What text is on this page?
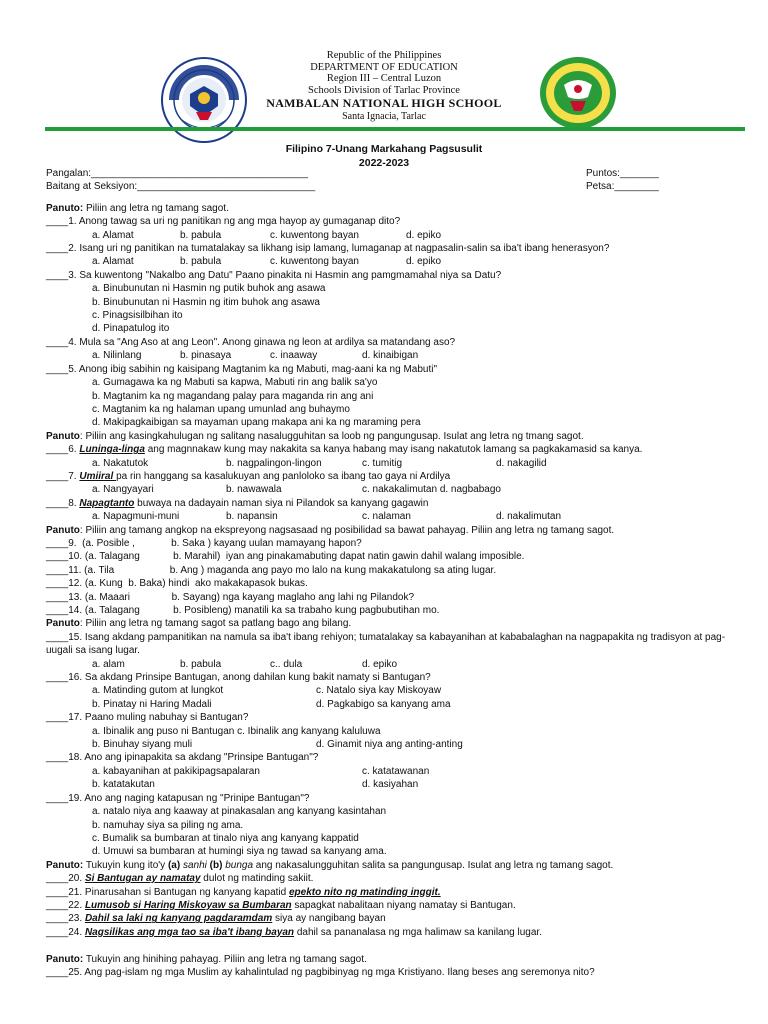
Republic of the Philippines
DEPARTMENT OF EDUCATION
Region III – Central Luzon
Schools Division of Tarlac Province
NAMBALAN NATIONAL HIGH SCHOOL
Santa Ignacia, Tarlac
Filipino 7-Unang Markahang Pagsusulit
2022-2023
Pangalan:_______________________________________	Puntos:_______
Baitang at Seksiyon:________________________________	Petsa:________
Panuto: Piliin ang letra ng tamang sagot.
____1. Anong tawag sa uri ng panitikan ng ang mga hayop ay gumaganap dito?
a. Alamat	b. pabula	c. kuwentong bayan	d. epiko
____2. Isang uri ng panitikan na tumatalakay sa likhang isip lamang, lumaganap at nagpasalin-salin sa iba't ibang henerasyon?
a. Alamat	b. pabula	c. kuwentong bayan	d. epiko
____3. Sa kuwentong "Nakalbo ang Datu" Paano pinakita ni Hasmin ang pamgmamahal niya sa Datu?
a. Binubunutan ni Hasmin ng putik buhok ang asawa
b. Binubunutan ni Hasmin ng itim buhok ang asawa
c. Pinagsisilbihan ito
d. Pinapatulog ito
____4. Mula sa "Ang Aso at ang Leon". Anong ginawa ng leon at ardilya sa matandang aso?
a. Nilinlang	b. pinasaya	c. inaaway	d. kinaibigan
____5. Anong ibig sabihin ng kaisipang Magtanim ka ng Mabuti, mag-aani ka ng Mabuti"
a. Gumagawa ka ng Mabuti sa kapwa, Mabuti rin ang balik sa'yo
b. Magtanim ka ng magandang palay para maganda rin ang ani
c. Magtanim ka ng halaman upang umunlad ang buhaymo
d. Makipagkaibigan sa mayaman upang makapa ani ka ng maraming pera
Panuto: Piliin ang kasingkahulugan ng salitang nasalugguhitan sa loob ng pangungusap. Isulat ang letra ng tmang sagot.
____6. Luninga-linga ang magnnakaw kung may nakakita sa kanya habang may isang nakatutok lamang sa pagkakamasid sa kanya.
a. Nakatutok	b. nagpalingon-lingon	c. tumitig	d. nakagilid
____7. Umiiral pa rin hanggang sa kasalukuyan ang panloloko sa ibang tao gaya ni Ardilya
a. Nangyayari	b. nawawala	c. nakakalimutan d. nagbabago
____8. Napagtanto buwaya na dadayain naman siya ni Pilandok sa kanyang gagawin
a. Napagmuni-muni	b. napansin	c. nalaman	d. nakalimutan
Panuto: Piliin ang tamang angkop na ekspreyong nagsasaad ng posibilidad sa bawat pahayag. Piliin ang letra ng tamang sagot.
____9.  (a. Posible ,             b. Saka ) kayang uulan mamayang hapon?
____10. (a. Talagang            b. Marahil)  iyan ang pinakamabuting dapat natin gawin dahil walang imposible.
____11. (a. Tila                    b. Ang ) maganda ang payo mo lalo na kung makakatulong sa ating lugar.
____12. (a. Kung  b. Baka) hindi  ako makakapasok bukas.
____13. (a. Maaari               b. Sayang) nga kayang maglaho ang lahi ng Pilandok?
____14. (a. Talagang            b. Posibleng) manatili ka sa trabaho kung pagbubutihan mo.
Panuto: Piliin ang letra ng tamang sagot sa patlang bago ang bilang.
____15. Isang akdang pampanitikan na namula sa iba't ibang rehiyon; tumatalakay sa kabayanihan at kababalaghan na nagpapakita ng tradisyon at pag-uugali sa isang lugar.
a. alam	b. pabula	c.. dula	d. epiko
____16. Sa akdang Prinsipe Bantugan, anong dahilan kung bakit namaty si Bantugan?
a. Matinding gutom at lungkot	c. Natalo siya kay Miskoyaw
b. Pinatay ni Haring Madali	d. Pagkabigo sa kanyang ama
____17. Paano muling nabuhay si Bantugan?
a. Ibinalik ang puso ni Bantugan c. Ibinalik ang kanyang kaluluwa
b. Binuhay siyang muli	d. Ginamit niya ang anting-anting
____18. Ano ang ipinapakita sa akdang "Prinsipe Bantugan"?
a. kabayanihan at pakikipagsapalaran	c. katatawanan
b. katatakutan	d. kasiyahan
____19. Ano ang naging katapusan ng "Prinipe Bantugan"?
a. natalo niya ang kaaway at pinakasalan ang kanyang kasintahan
b. namuhay siya sa piling ng ama.
c. Bumalik sa bumbaran at tinalo niya ang kanyang kappatid
d. Umuwi sa bumbaran at humingi siya ng tawad sa kanyang ama.
Panuto: Tukuyin kung ito'y (a) sanhi (b) bunga ang nakasalungguhitan salita sa pangungusap. Isulat ang letra ng tamang sagot.
____20. Si Bantugan ay namatay dulot ng matinding sakiit.
____21. Pinarusahan si Bantugan ng kanyang kapatid epekto nito ng matinding inggit.
____22. Lumusob si Haring Miskoyaw sa Bumbaran sapagkat nabalitaan niyang namatay si Bantugan.
____23. Dahil sa laki ng kanyang pagdaramdam siya ay nangibang bayan
____24. Nagsilikas ang mga tao sa iba't ibang bayan dahil sa pananalasa ng mga halimaw sa kanilang lugar.
Panuto: Tukuyin ang hinihing pahayag. Piliin ang letra ng tamang sagot.
____25. Ang pag-islam ng mga Muslim ay kahalintulad ng pagbibinyag ng mga Kristiyano. Ilang beses ang seremonya nito?
